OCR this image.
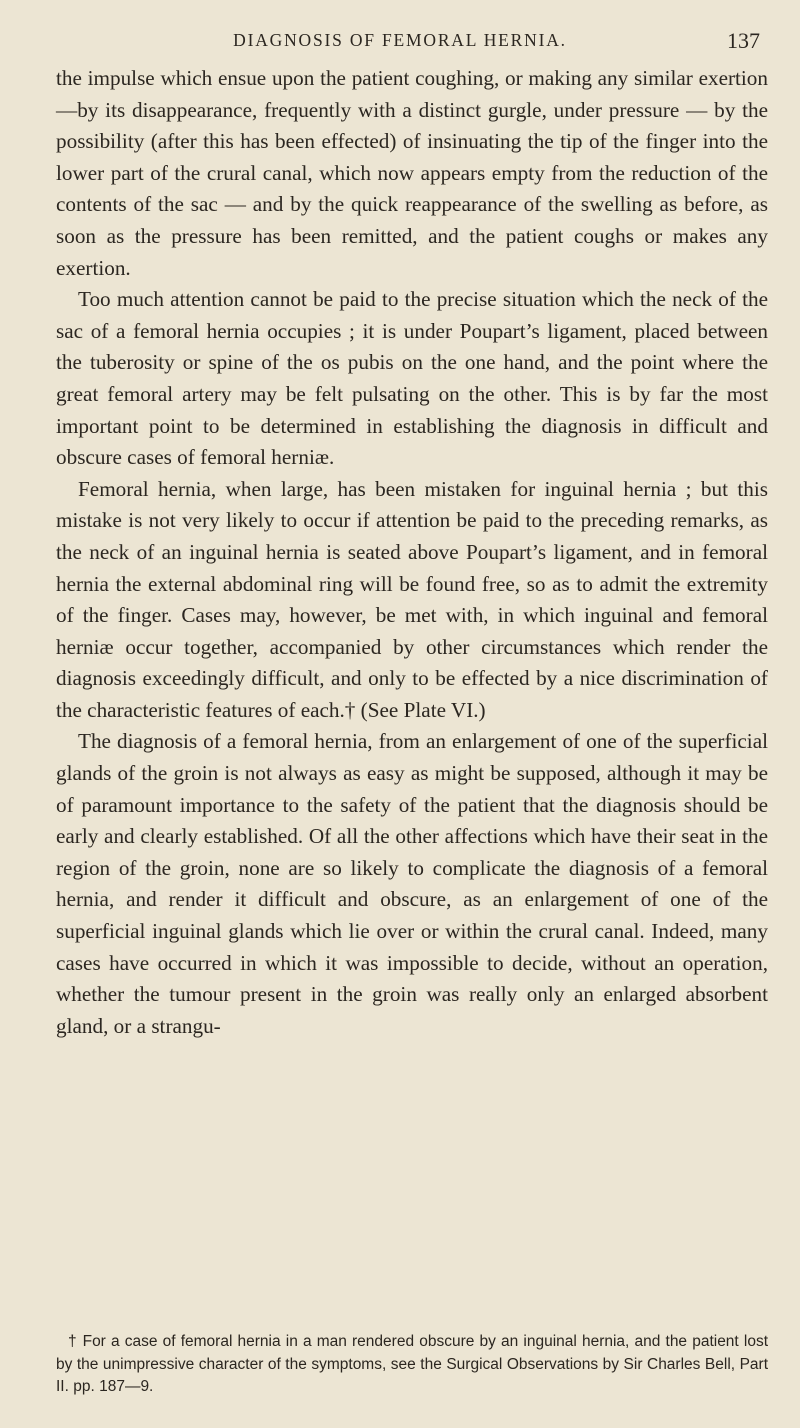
DIAGNOSIS OF FEMORAL HERNIA.	137

the impulse which ensue upon the patient coughing, or making any similar exertion—by its disappearance, frequently with a distinct gurgle, under pressure — by the possibility (after this has been effected) of insinuating the tip of the finger into the lower part of the crural canal, which now appears empty from the reduction of the contents of the sac — and by the quick reappearance of the swelling as before, as soon as the pressure has been remitted, and the patient coughs or makes any exertion.

Too much attention cannot be paid to the precise situation which the neck of the sac of a femoral hernia occupies ; it is under Poupart’s ligament, placed between the tuberosity or spine of the os pubis on the one hand, and the point where the great femoral artery may be felt pulsating on the other. This is by far the most important point to be determined in establishing the diagnosis in difficult and obscure cases of femoral herniæ.

Femoral hernia, when large, has been mistaken for inguinal hernia ; but this mistake is not very likely to occur if attention be paid to the preceding remarks, as the neck of an inguinal hernia is seated above Poupart’s ligament, and in femoral hernia the external abdominal ring will be found free, so as to admit the extremity of the finger. Cases may, however, be met with, in which inguinal and femoral herniæ occur together, accompanied by other circumstances which render the diagnosis exceedingly difficult, and only to be effected by a nice discrimination of the characteristic features of each.† (See Plate VI.)

The diagnosis of a femoral hernia, from an enlargement of one of the superficial glands of the groin is not always as easy as might be supposed, although it may be of paramount importance to the safety of the patient that the diagnosis should be early and clearly established. Of all the other affections which have their seat in the region of the groin, none are so likely to complicate the diagnosis of a femoral hernia, and render it difficult and obscure, as an enlargement of one of the superficial inguinal glands which lie over or within the crural canal. Indeed, many cases have occurred in which it was impossible to decide, without an operation, whether the tumour present in the groin was really only an enlarged absorbent gland, or a strangu-

† For a case of femoral hernia in a man rendered obscure by an inguinal hernia, and the patient lost by the unimpressive character of the symptoms, see the Surgical Observations by Sir Charles Bell, Part II. pp. 187—9.
